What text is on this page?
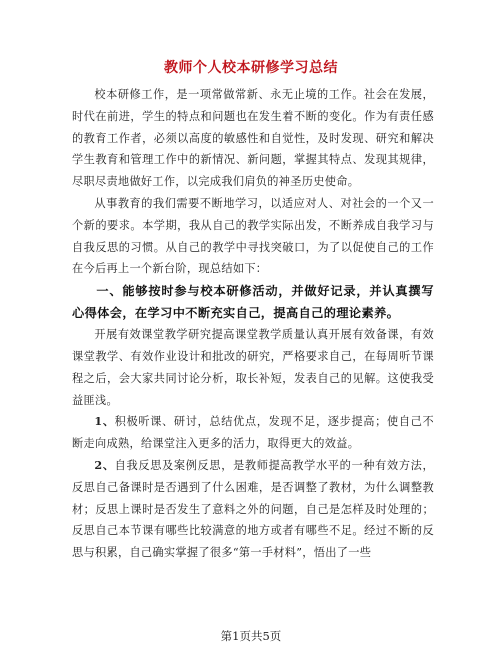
教师个人校本研修学习总结

校本研修工作，是一项常做常新、永无止境的工作。社会在发展，时代在前进，学生的特点和问题也在发生着不断的变化。作为有责任感的教育工作者，必须以高度的敏感性和自觉性，及时发现、研究和解决学生教育和管理工作中的新情况、新问题，掌握其特点、发现其规律，尽职尽责地做好工作，以完成我们肩负的神圣历史使命。

从事教育的我们需要不断地学习，以适应对人、对社会的一个又一个新的要求。本学期，我从自己的教学实际出发，不断养成自我学习与自我反思的习惯。从自己的教学中寻找突破口，为了以促使自己的工作在今后再上一个新台阶，现总结如下：

一、能够按时参与校本研修活动，并做好记录，并认真撰写心得体会，在学习中不断充实自己，提高自己的理论素养。

开展有效课堂教学研究提高课堂教学质量认真开展有效备课，有效课堂教学、有效作业设计和批改的研究，严格要求自己，在每周听节课程之后，会大家共同讨论分析，取长补短，发表自己的见解。这使我受益匪浅。

1、积极听课、研讨，总结优点，发现不足，逐步提高；使自己不断走向成熟，给课堂注入更多的活力，取得更大的效益。

2、自我反思及案例反思，是教师提高教学水平的一种有效方法，反思自己备课时是否遇到了什么困难，是否调整了教材，为什么调整教材；反思上课时是否发生了意料之外的问题，自己是怎样及时处理的；反思自己本节课有哪些比较满意的地方或者有哪些不足。经过不断的反思与积累，自己确实掌握了很多“第一手材料”，悟出了一些

第1页共5页
